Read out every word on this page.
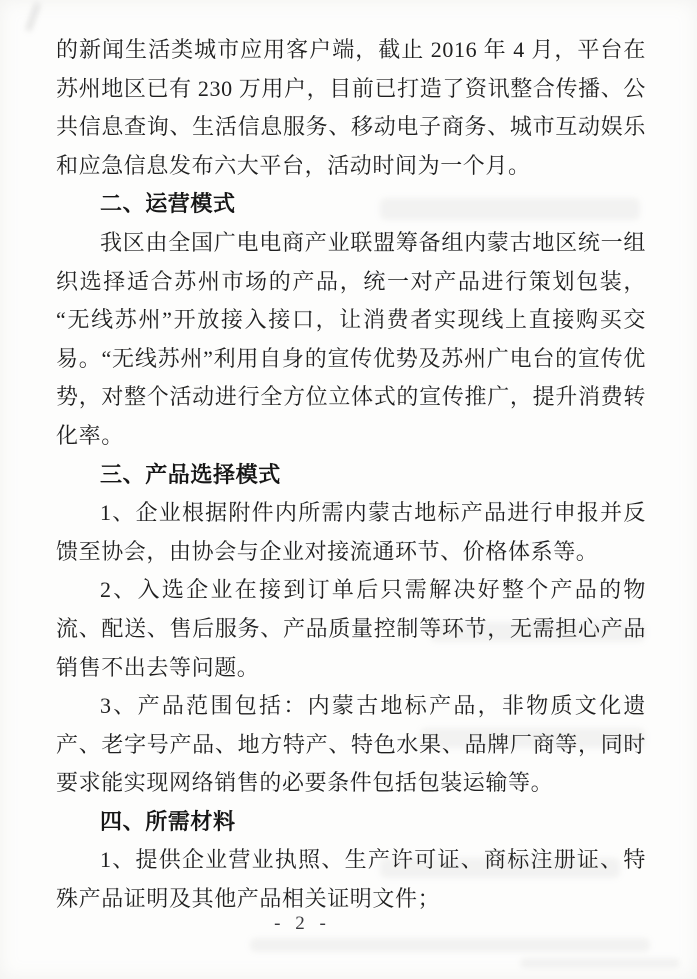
的新闻生活类城市应用客户端，截止 2016 年 4 月，平台在苏州地区已有 230 万用户，目前已打造了资讯整合传播、公共信息查询、生活信息服务、移动电子商务、城市互动娱乐和应急信息发布六大平台，活动时间为一个月。

二、运营模式

我区由全国广电电商产业联盟筹备组内蒙古地区统一组织选择适合苏州市场的产品，统一对产品进行策划包装，“无线苏州”开放接入接口，让消费者实现线上直接购买交易。“无线苏州”利用自身的宣传优势及苏州广电台的宣传优势，对整个活动进行全方位立体式的宣传推广，提升消费转化率。

三、产品选择模式

1、企业根据附件内所需内蒙古地标产品进行申报并反馈至协会，由协会与企业对接流通环节、价格体系等。

2、入选企业在接到订单后只需解决好整个产品的物流、配送、售后服务、产品质量控制等环节，无需担心产品销售不出去等问题。

3、产品范围包括：内蒙古地标产品，非物质文化遗产、老字号产品、地方特产、特色水果、品牌厂商等，同时要求能实现网络销售的必要条件包括包装运输等。

四、所需材料

1、提供企业营业执照、生产许可证、商标注册证、特殊产品证明及其他产品相关证明文件；

- 2 -
